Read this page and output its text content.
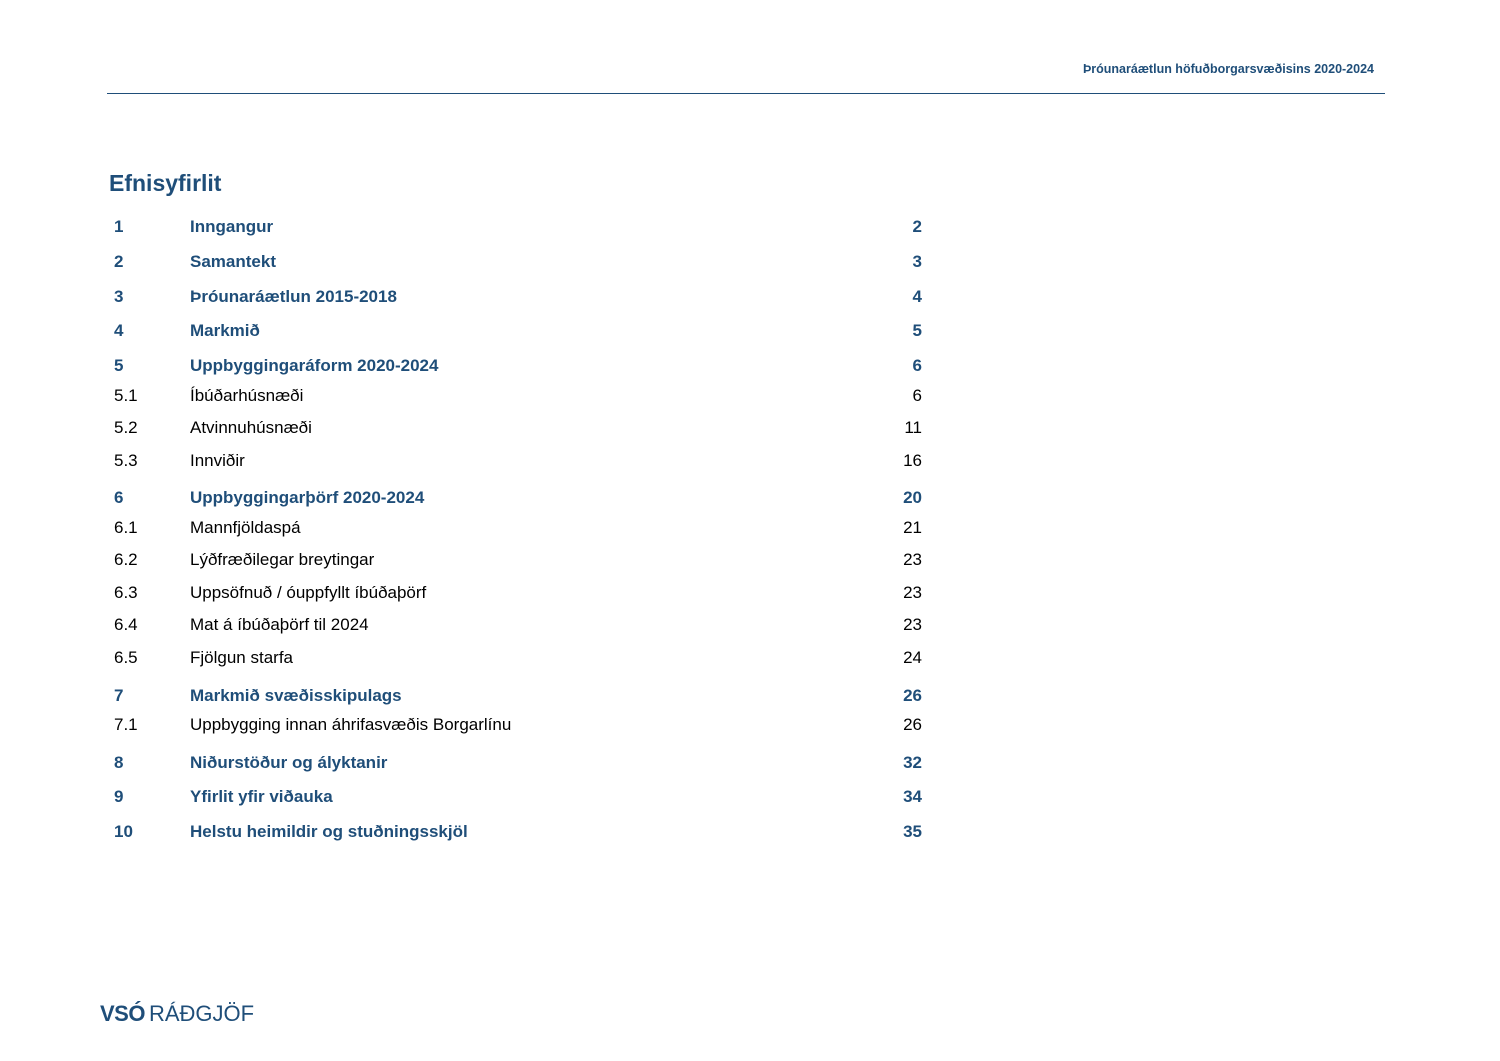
Þróunaráætlun höfuðborgarsvæðisins 2020-2024
Efnisyfirlit
1	Inngangur	2
2	Samantekt	3
3	Þróunaráætlun 2015-2018	4
4	Markmið	5
5	Uppbyggingaráform 2020-2024	6
5.1	Íbúðarhúsnæði	6
5.2	Atvinnuhúsnæði	11
5.3	Innviðir	16
6	Uppbyggingarþörf 2020-2024	20
6.1	Mannfjöldaspá	21
6.2	Lýðfræðilegar breytingar	23
6.3	Uppsöfnuð / óuppfyllt íbúðaþörf	23
6.4	Mat á íbúðaþörf til 2024	23
6.5	Fjölgun starfa	24
7	Markmið svæðisskipulags	26
7.1	Uppbygging innan áhrifasvæðis Borgarlínu	26
8	Niðurstöður og ályktanir	32
9	Yfirlit yfir viðauka	34
10	Helstu heimildir og stuðningsskjöl	35
VSÓ RÁÐGJÖF
